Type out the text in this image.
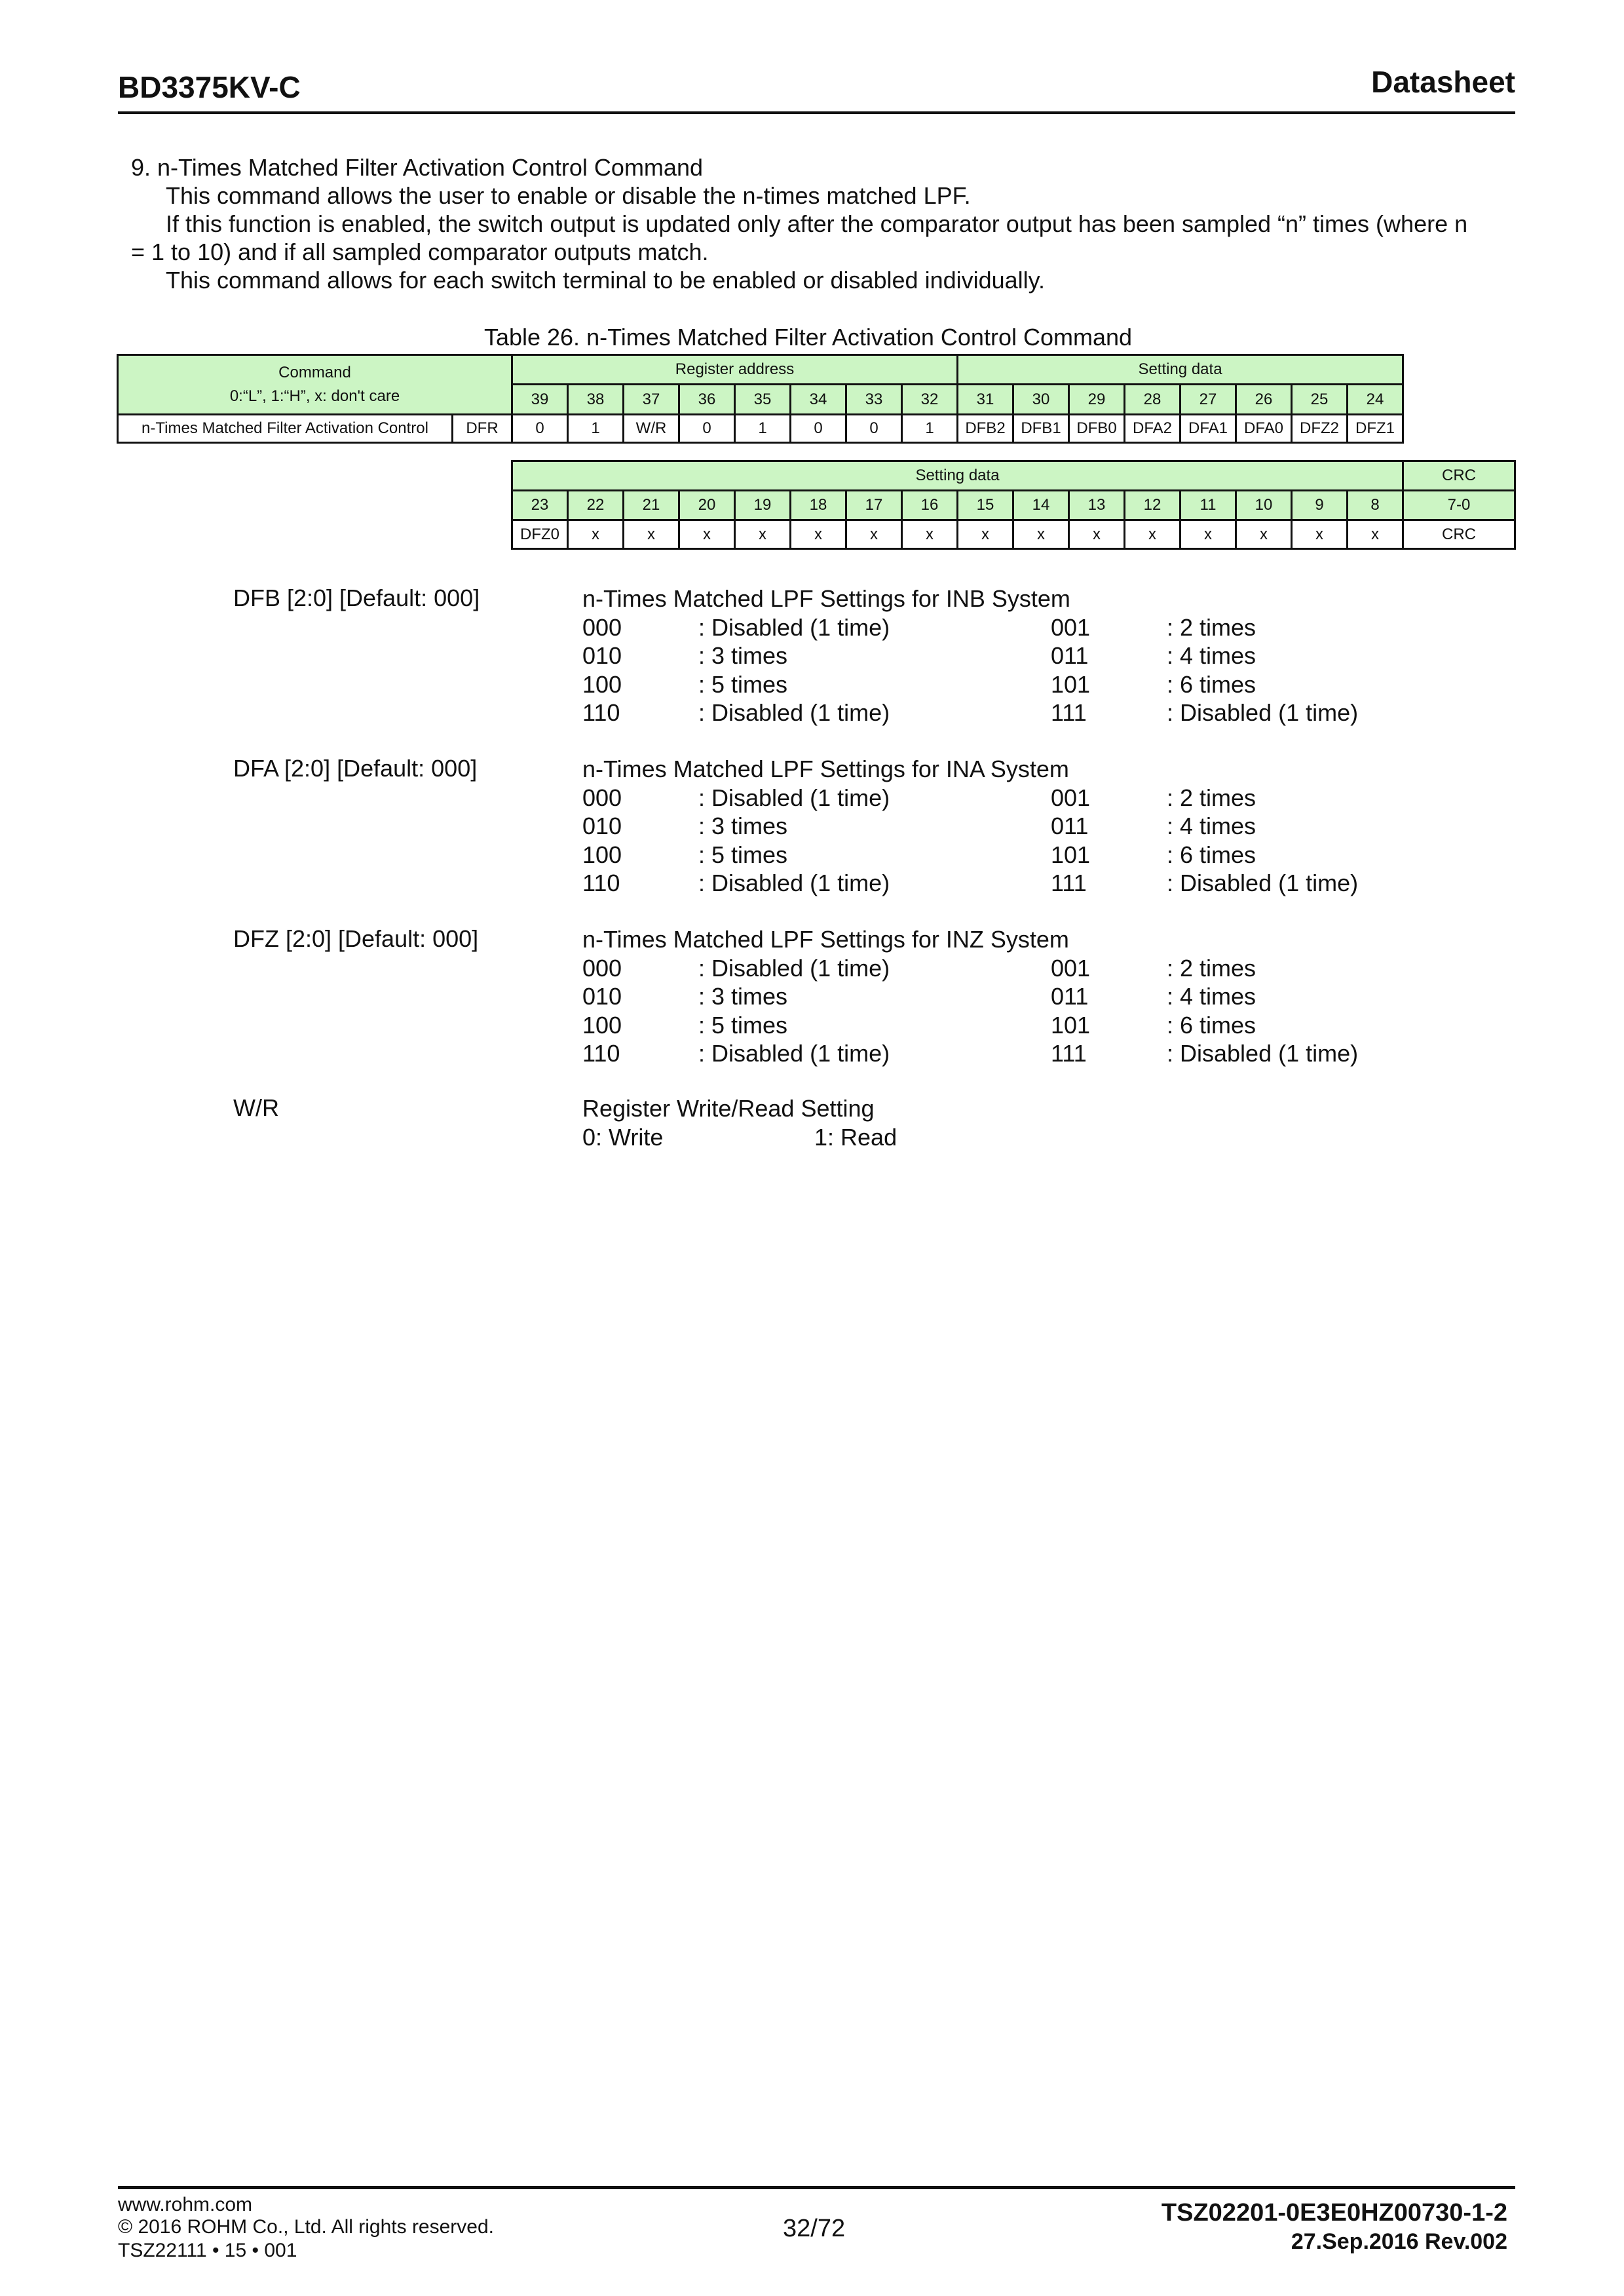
BD3375KV-C	Datasheet

9. n-Times Matched Filter Activation Control Command

This command allows the user to enable or disable the n-times matched LPF.

If this function is enabled, the switch output is updated only after the comparator output has been sampled “n” times (where n

= 1 to 10) and if all sampled comparator outputs match.

This command allows for each switch terminal to be enabled or disabled individually.

Table 26. n-Times Matched Filter Activation Control Command
Command
0:“L”, 1:“H”, x: don't care		Register address								Setting data							
		39	38	37	36	35	34	33	32	31	30	29	28	27	26	25	24
n-Times Matched Filter Activation Control	DFR	0	1	W/R	0	1	0	0	1	DFB2	DFB1	DFB0	DFA2	DFA1	DFA0	DFZ2	DFZ1
Setting data																CRC
23	22	21	20	19	18	17	16	15	14	13	12	11	10	9	8	7-0
DFZ0	x	x	x	x	x	x	x	x	x	x	x	x	x	x	x	CRC
DFB [2:0] [Default: 000]	n-Times Matched LPF Settings for INB System
000	: Disabled (1 time)	001	: 2 times
010	: 3 times	011	: 4 times
100	: 5 times	101	: 6 times
110	: Disabled (1 time)	111	: Disabled (1 time)
DFA [2:0] [Default: 000]	n-Times Matched LPF Settings for INA System
000	: Disabled (1 time)	001	: 2 times
010	: 3 times	011	: 4 times
100	: 5 times	101	: 6 times
110	: Disabled (1 time)	111	: Disabled (1 time)
DFZ [2:0] [Default: 000]	n-Times Matched LPF Settings for INZ System
000	: Disabled (1 time)	001	: 2 times
010	: 3 times	011	: 4 times
100	: 5 times	101	: 6 times
110	: Disabled (1 time)	111	: Disabled (1 time)
W/R	Register Write/Read Setting
0: Write	1: Read
www.rohm.com
© 2016 ROHM Co., Ltd. All rights reserved.
TSZ22111 • 15 • 001
32/72
TSZ02201-0E3E0HZ00730-1-2
27.Sep.2016 Rev.002
